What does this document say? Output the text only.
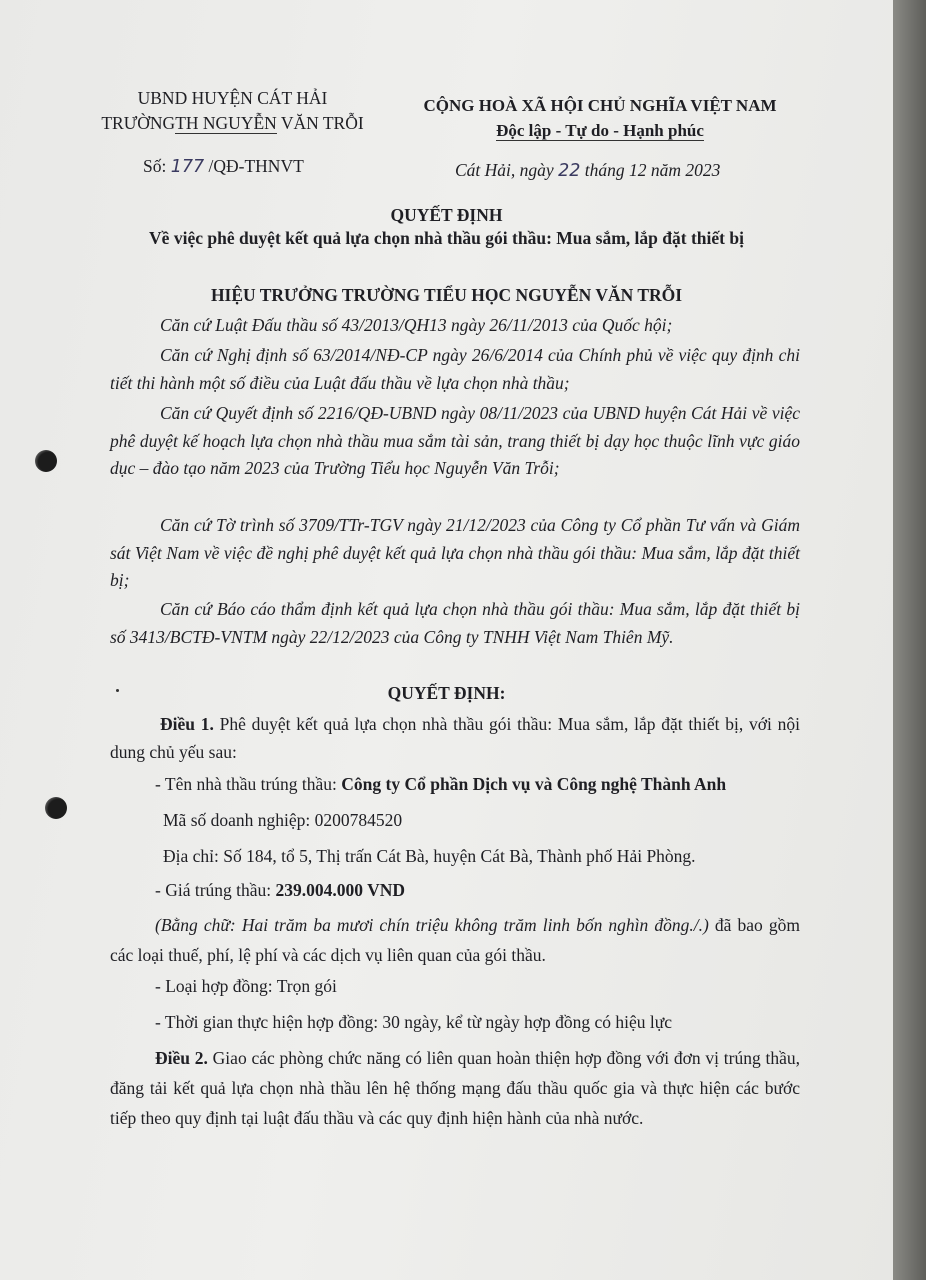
UBND HUYỆN CÁT HẢI

TRƯỜNGTH NGUYỄN VĂN TRỖI

Số: 177 /QĐ-THNVT

CỘNG HOÀ XÃ HỘI CHỦ NGHĨA VIỆT NAM

Độc lập - Tự do - Hạnh phúc

Cát Hải, ngày 22 tháng 12 năm 2023

QUYẾT ĐỊNH

Về việc phê duyệt kết quả lựa chọn nhà thầu gói thầu: Mua sắm, lắp đặt thiết bị

HIỆU TRƯỞNG TRƯỜNG TIỂU HỌC NGUYỄN VĂN TRỖI

Căn cứ Luật Đấu thầu số 43/2013/QH13 ngày 26/11/2013 của Quốc hội;

Căn cứ Nghị định số 63/2014/NĐ-CP ngày 26/6/2014 của Chính phủ về việc quy định chi tiết thi hành một số điều của Luật đấu thầu về lựa chọn nhà thầu;

Căn cứ Quyết định số 2216/QĐ-UBND ngày 08/11/2023 của UBND huyện Cát Hải về việc phê duyệt kế hoạch lựa chọn nhà thầu mua sắm tài sản, trang thiết bị dạy học thuộc lĩnh vực giáo dục – đào tạo năm 2023 của Trường Tiểu học Nguyễn Văn Trỗi;

Căn cứ Tờ trình số 3709/TTr-TGV ngày 21/12/2023 của Công ty Cổ phần Tư vấn và Giám sát Việt Nam về việc đề nghị phê duyệt kết quả lựa chọn nhà thầu gói thầu: Mua sắm, lắp đặt thiết bị;

Căn cứ Báo cáo thẩm định kết quả lựa chọn nhà thầu gói thầu: Mua sắm, lắp đặt thiết bị số 3413/BCTĐ-VNTM ngày 22/12/2023 của Công ty TNHH Việt Nam Thiên Mỹ.

QUYẾT ĐỊNH:

Điều 1. Phê duyệt kết quả lựa chọn nhà thầu gói thầu: Mua sắm, lắp đặt thiết bị, với nội dung chủ yếu sau:

- Tên nhà thầu trúng thầu: Công ty Cổ phần Dịch vụ và Công nghệ Thành Anh

Mã số doanh nghiệp: 0200784520

Địa chỉ: Số 184, tổ 5, Thị trấn Cát Bà, huyện Cát Bà, Thành phố Hải Phòng.

- Giá trúng thầu: 239.004.000 VND

(Bằng chữ: Hai trăm ba mươi chín triệu không trăm linh bốn nghìn đồng./.) đã bao gồm các loại thuế, phí, lệ phí và các dịch vụ liên quan của gói thầu.

- Loại hợp đồng: Trọn gói

- Thời gian thực hiện hợp đồng: 30 ngày, kể từ ngày hợp đồng có hiệu lực

Điều 2. Giao các phòng chức năng có liên quan hoàn thiện hợp đồng với đơn vị trúng thầu, đăng tải kết quả lựa chọn nhà thầu lên hệ thống mạng đấu thầu quốc gia và thực hiện các bước tiếp theo quy định tại luật đấu thầu và các quy định hiện hành của nhà nước.
